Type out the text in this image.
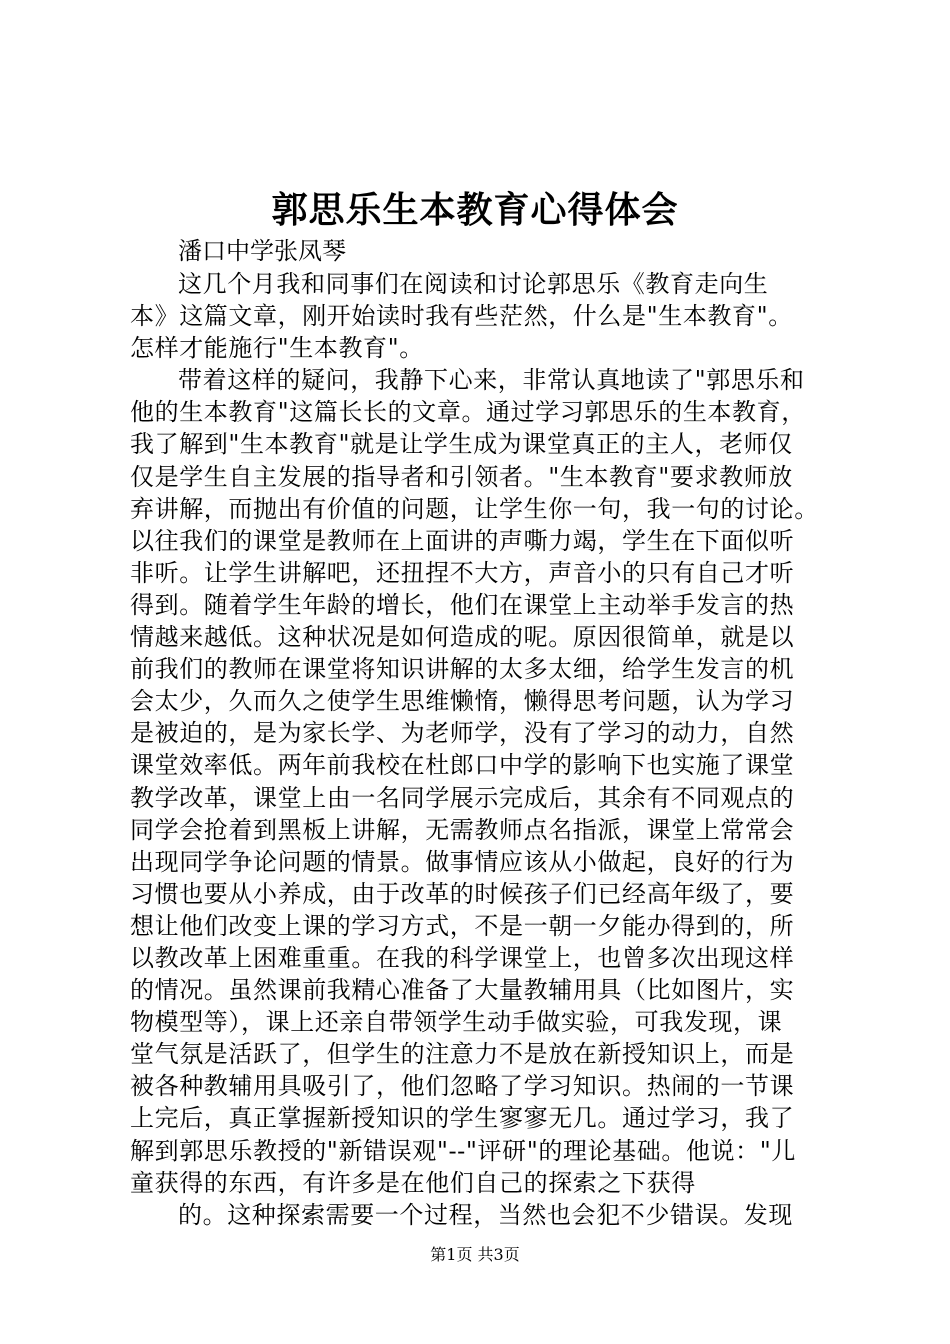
郭思乐生本教育心得体会
潘口中学张凤琴
这几个月我和同事们在阅读和讨论郭思乐《教育走向生
本》这篇文章，刚开始读时我有些茫然，什么是"生本教育"。
怎样才能施行"生本教育"。
带着这样的疑问，我静下心来，非常认真地读了"郭思乐和
他的生本教育"这篇长长的文章。通过学习郭思乐的生本教育，
我了解到"生本教育"就是让学生成为课堂真正的主人，老师仅
仅是学生自主发展的指导者和引领者。"生本教育"要求教师放
弃讲解，而抛出有价值的问题，让学生你一句，我一句的讨论。
以往我们的课堂是教师在上面讲的声嘶力竭，学生在下面似听
非听。让学生讲解吧，还扭捏不大方，声音小的只有自己才听
得到。随着学生年龄的增长，他们在课堂上主动举手发言的热
情越来越低。这种状况是如何造成的呢。原因很简单，就是以
前我们的教师在课堂将知识讲解的太多太细，给学生发言的机
会太少，久而久之使学生思维懒惰，懒得思考问题，认为学习
是被迫的，是为家长学、为老师学，没有了学习的动力，自然
课堂效率低。两年前我校在杜郎口中学的影响下也实施了课堂
教学改革，课堂上由一名同学展示完成后，其余有不同观点的
同学会抢着到黑板上讲解，无需教师点名指派，课堂上常常会
出现同学争论问题的情景。做事情应该从小做起，良好的行为
习惯也要从小养成，由于改革的时候孩子们已经高年级了，要
想让他们改变上课的学习方式，不是一朝一夕能办得到的，所
以教改革上困难重重。在我的科学课堂上，也曾多次出现这样
的情况。虽然课前我精心准备了大量教辅用具（比如图片，实
物模型等），课上还亲自带领学生动手做实验，可我发现，课
堂气氛是活跃了，但学生的注意力不是放在新授知识上，而是
被各种教辅用具吸引了，他们忽略了学习知识。热闹的一节课
上完后，真正掌握新授知识的学生寥寥无几。通过学习，我了
解到郭思乐教授的"新错误观"--"评研"的理论基础。他说："儿
童获得的东西，有许多是在他们自己的探索之下获得
的。这种探索需要一个过程，当然也会犯不少错误。发现
第1页 共3页
